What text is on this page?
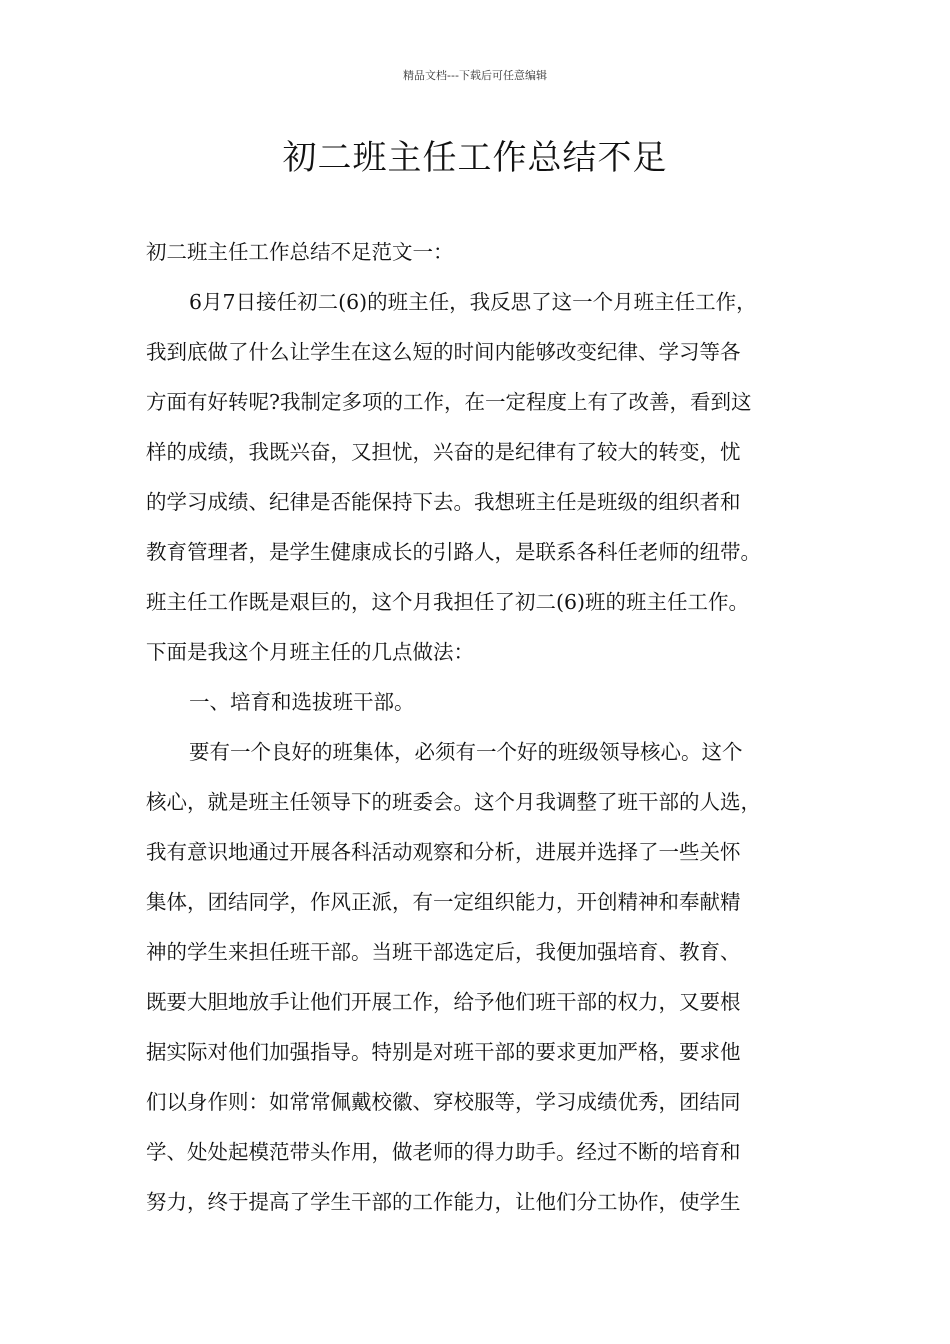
精品文档---下载后可任意编辑
初二班主任工作总结不足

初二班主任工作总结不足范文一：

6月7日接任初二(6)的班主任，我反思了这一个月班主任工作，

我到底做了什么让学生在这么短的时间内能够改变纪律、学习等各

方面有好转呢?我制定多项的工作，在一定程度上有了改善，看到这

样的成绩，我既兴奋，又担忧，兴奋的是纪律有了较大的转变，忧

的学习成绩、纪律是否能保持下去。我想班主任是班级的组织者和

教育管理者，是学生健康成长的引路人，是联系各科任老师的纽带。

班主任工作既是艰巨的，这个月我担任了初二(6)班的班主任工作。

下面是我这个月班主任的几点做法：

一、培育和选拔班干部。

要有一个良好的班集体，必须有一个好的班级领导核心。这个

核心，就是班主任领导下的班委会。这个月我调整了班干部的人选，

我有意识地通过开展各科活动观察和分析，进展并选择了一些关怀

集体，团结同学，作风正派，有一定组织能力，开创精神和奉献精

神的学生来担任班干部。当班干部选定后，我便加强培育、教育、

既要大胆地放手让他们开展工作，给予他们班干部的权力，又要根

据实际对他们加强指导。特别是对班干部的要求更加严格，要求他

们以身作则：如常常佩戴校徽、穿校服等，学习成绩优秀，团结同

学、处处起模范带头作用，做老师的得力助手。经过不断的培育和

努力，终于提高了学生干部的工作能力，让他们分工协作，使学生
